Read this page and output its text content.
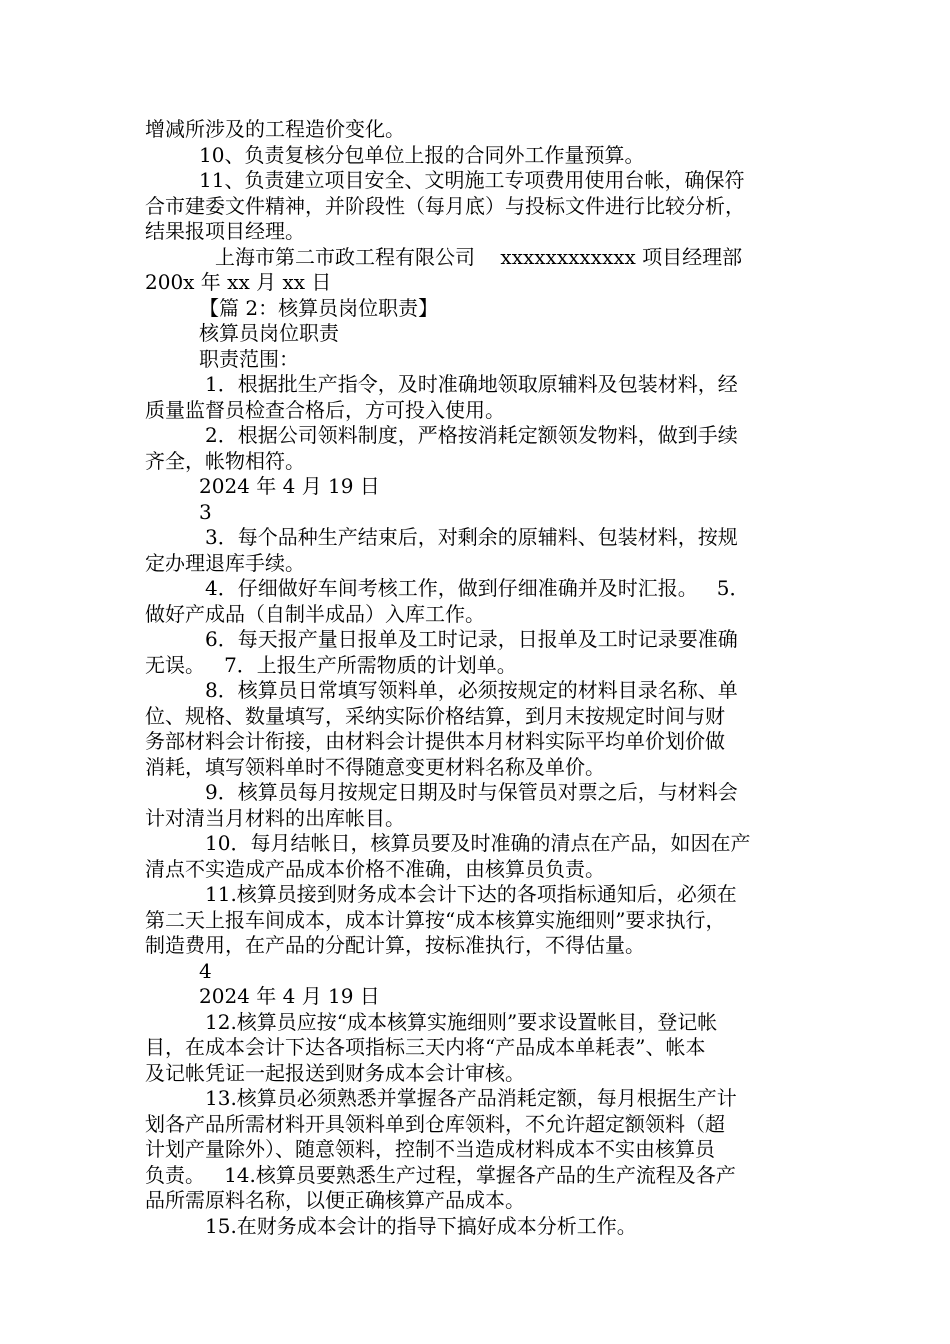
增减所涉及的工程造价变化。
10、负责复核分包单位上报的合同外工作量预算。
11、负责建立项目安全、文明施工专项费用使用台帐，确保符
合市建委文件精神，并阶段性（每月底）与投标文件进行比较分析，
结果报项目经理。
上海市第二市政工程有限公司    xxxxxxxxxxxx 项目经理部
200x 年 xx 月 xx 日
【篇 2：核算员岗位职责】
核算员岗位职责
职责范围：
1．根据批生产指令，及时准确地领取原辅料及包装材料，经
质量监督员检查合格后，方可投入使用。
2．根据公司领料制度，严格按消耗定额领发物料，做到手续
齐全，帐物相符。
2024 年 4 月 19 日
3
3．每个品种生产结束后，对剩余的原辅料、包装材料，按规
定办理退库手续。
4．仔细做好车间考核工作，做到仔细准确并及时汇报。   5．
做好产成品（自制半成品）入库工作。
6．每天报产量日报单及工时记录，日报单及工时记录要准确
无误。   7．上报生产所需物质的计划单。
8．核算员日常填写领料单，必须按规定的材料目录名称、单
位、规格、数量填写，采纳实际价格结算，到月末按规定时间与财
务部材料会计衔接，由材料会计提供本月材料实际平均单价划价做
消耗，填写领料单时不得随意变更材料名称及单价。
9．核算员每月按规定日期及时与保管员对票之后，与材料会
计对清当月材料的出库帐目。
10．每月结帐日，核算员要及时准确的清点在产品，如因在产
清点不实造成产品成本价格不准确，由核算员负责。
11.核算员接到财务成本会计下达的各项指标通知后，必须在
第二天上报车间成本，成本计算按“成本核算实施细则”要求执行，
制造费用，在产品的分配计算，按标准执行，不得估量。
4
2024 年 4 月 19 日
12.核算员应按“成本核算实施细则”要求设置帐目，登记帐
目，在成本会计下达各项指标三天内将“产品成本单耗表”、帐本
及记帐凭证一起报送到财务成本会计审核。
13.核算员必须熟悉并掌握各产品消耗定额，每月根据生产计
划各产品所需材料开具领料单到仓库领料，不允许超定额领料（超
计划产量除外）、随意领料，控制不当造成材料成本不实由核算员
负责。   14.核算员要熟悉生产过程，掌握各产品的生产流程及各产
品所需原料名称，以便正确核算产品成本。
15.在财务成本会计的指导下搞好成本分析工作。
